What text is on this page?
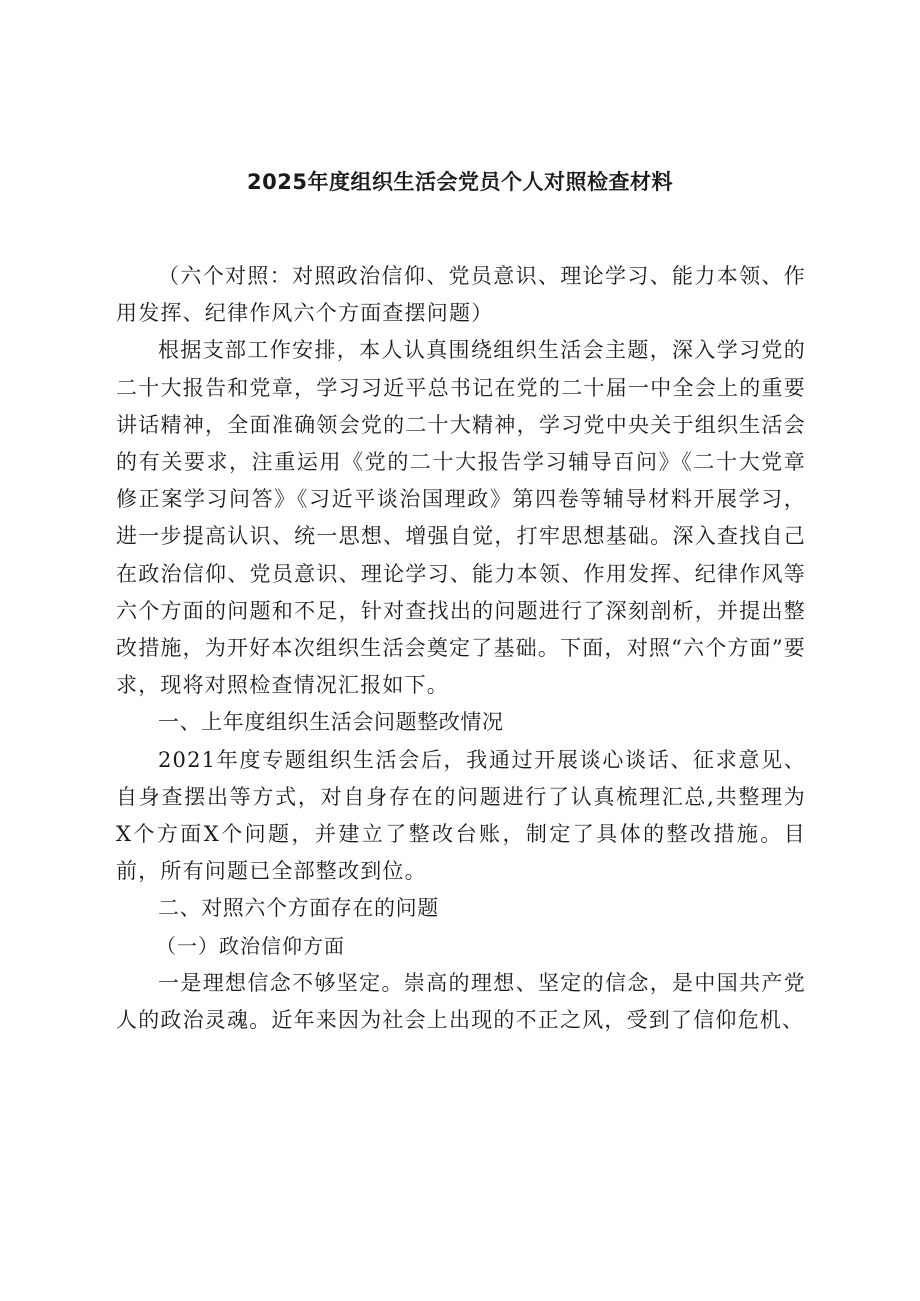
2025年度组织生活会党员个人对照检查材料

（六个对照：对照政治信仰、党员意识、理论学习、能力本领、作用发挥、纪律作风六个方面查摆问题）

根据支部工作安排，本人认真围绕组织生活会主题，深入学习党的二十大报告和党章，学习习近平总书记在党的二十届一中全会上的重要讲话精神，全面准确领会党的二十大精神，学习党中央关于组织生活会的有关要求，注重运用《党的二十大报告学习辅导百问》《二十大党章修正案学习问答》《习近平谈治国理政》第四卷等辅导材料开展学习，进一步提高认识、统一思想、增强自觉，打牢思想基础。深入查找自己在政治信仰、党员意识、理论学习、能力本领、作用发挥、纪律作风等六个方面的问题和不足，针对查找出的问题进行了深刻剖析，并提出整改措施，为开好本次组织生活会奠定了基础。下面，对照“六个方面”要求，现将对照检查情况汇报如下。

一、上年度组织生活会问题整改情况

2021年度专题组织生活会后，我通过开展谈心谈话、征求意见、自身查摆出等方式，对自身存在的问题进行了认真梳理汇总,共整理为X个方面X个问题，并建立了整改台账，制定了具体的整改措施。目前，所有问题已全部整改到位。

二、对照六个方面存在的问题
（一）政治信仰方面

一是理想信念不够坚定。崇高的理想、坚定的信念，是中国共产党人的政治灵魂。近年来因为社会上出现的不正之风，受到了信仰危机、
